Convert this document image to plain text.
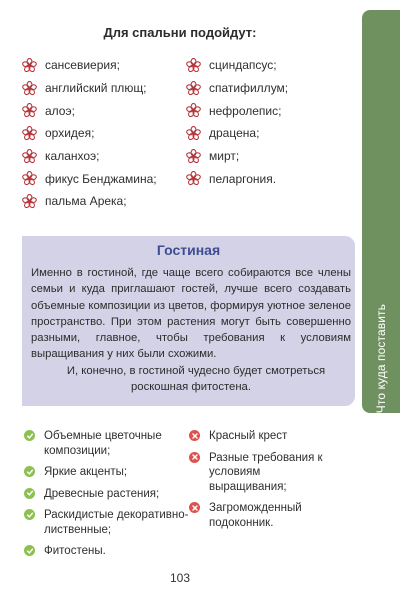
Что куда поставить
Для спальни подойдут:
сансевиерия;
английский плющ;
алоэ;
орхидея;
каланхоэ;
фикус Бенджамина;
пальма Арека;
сциндапсус;
спатифиллум;
нефролепис;
драцена;
мирт;
пеларгония.
Гостиная

Именно в гостиной, где чаще всего собираются все члены семьи и куда приглашают гостей, лучше всего создавать объемные композиции из цветов, формируя уютное зеленое пространство. При этом растения могут быть совершенно разными, главное, чтобы требования к условиям выращивания у них были схожими.

И, конечно, в гостиной чудесно будет смотреться роскошная фитостена.

Объемные цветочные композиции;
Яркие акценты;
Древесные растения;
Раскидистые декоративно-лиственные;
Фитостены.
Красный крест
Разные требования к условиям выращивания;
Загроможденный подоконник.
103
